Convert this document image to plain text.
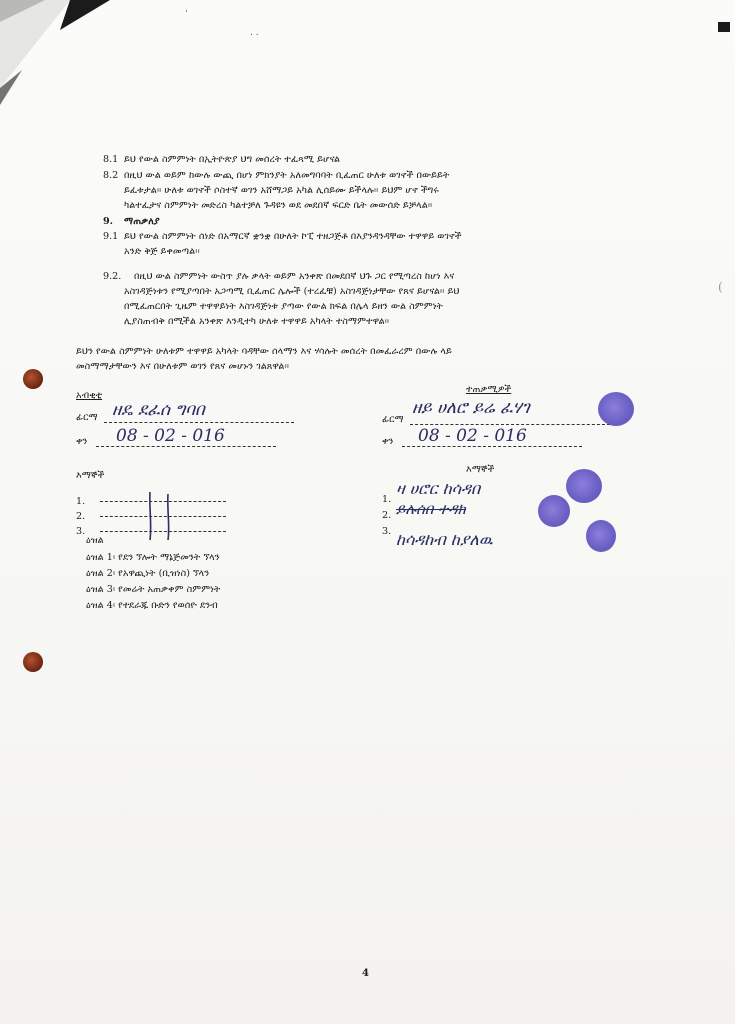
ˈ
. .
(
8.1 ይህ የውል ስምምነት በኢትዮጵያ ህግ መሰረት ተፈጻሚ ይሆናል
8.2 በዚህ ውል ወይም ከውሉ ውጪ በሆነ ምክንያት አለመግባባት ቢፈጠር ሁለቱ ወገኖች በውይይት
ይፈቱታል፡፡ ሁለቱ ወገኖች ሶስተኛ ወገን አሸማጋይ አካል ሊሰይሙ ይችላሉ፡፡ ይህም ሆኖ ችግሩ
ካልተፈታና ስምምነት መድረስ ካልተቻለ ጉዳዩን ወደ መደበኛ ፍርድ ቤት መውሰድ ይቻላል፡፡
9. ማጠቃለያ
9.1 ይህ የውል ስምምነት ሰነድ በአማርኛ ቋንቋ በሁለት ኮፒ ተዘጋጅቶ በእያንዳንዳቸው ተዋዋይ ወገኖች
አንድ ቅጅ ይቀመጣል፡፡
9.2. በዚህ ውል ስምምነት ውስጥ ያሉ ቃላት ወይም አንቀጽ በመደበኛ ህጉ ጋር የሚጣረስ ከሆነ እና
አስገዳጅነቱን የሚያጣበት አጋጣሚ ቢፈጠር ሌሎች (ተረፈቹ) አስገዳጅነታቸው የጸና ይሆናል፡፡ ይህ
በሚፈጠርበት ጊዜም ተዋዋይነት እስገዳጅነቱ ያጣው የውል ክፍል በሌላ ይዘን ውል ስምምነት
ሊያስጠብቅ በሚችል አንቀጽ እንዲተካ ሁለቱ ተዋዋይ አካላት ተስማምተዋል፡፡
ይህን የውል ስምምነት ሁለቱም ተዋዋይ አካላት ባዳቸው ሰላማን እና ሃሳሉት መሰረት በመፈራረም በውሉ ላይ
መስማማታቸውን እና በሁለቱም ወገን የጸና መሆኑን ገልጸዋል፡፡
አብቂቲ
ፊርማ ዘዴ ደፈሰ ግባበ
ቀን 08 - 02 - 016
ተጠቃሚዎች
ፊርማ
ዘይ ሀለሮ ይሬ ፈሃገ
ቀን 08 - 02 - 016
እማኞች
1.
2.
3.
እማኞች
1.
ዛ ሀሮር ከሳዳበ
2. ይሉሰበ ተዳክ
3. ከሳዳከብ ከያለዉ
ዕዝል
ዕዝል 1፡ የደን ኘሎት ማኔጅመንት ኘላን
ዕዝል 2፡ የአዋጪነት (ቢዝነስ) ኘላን
ዕዝል 3፡ የመሬት አጠቃቀም ስምምነት
ዕዝል 4፡ የተደራጁ ቡድን የወሰዮ ደንብ
4
